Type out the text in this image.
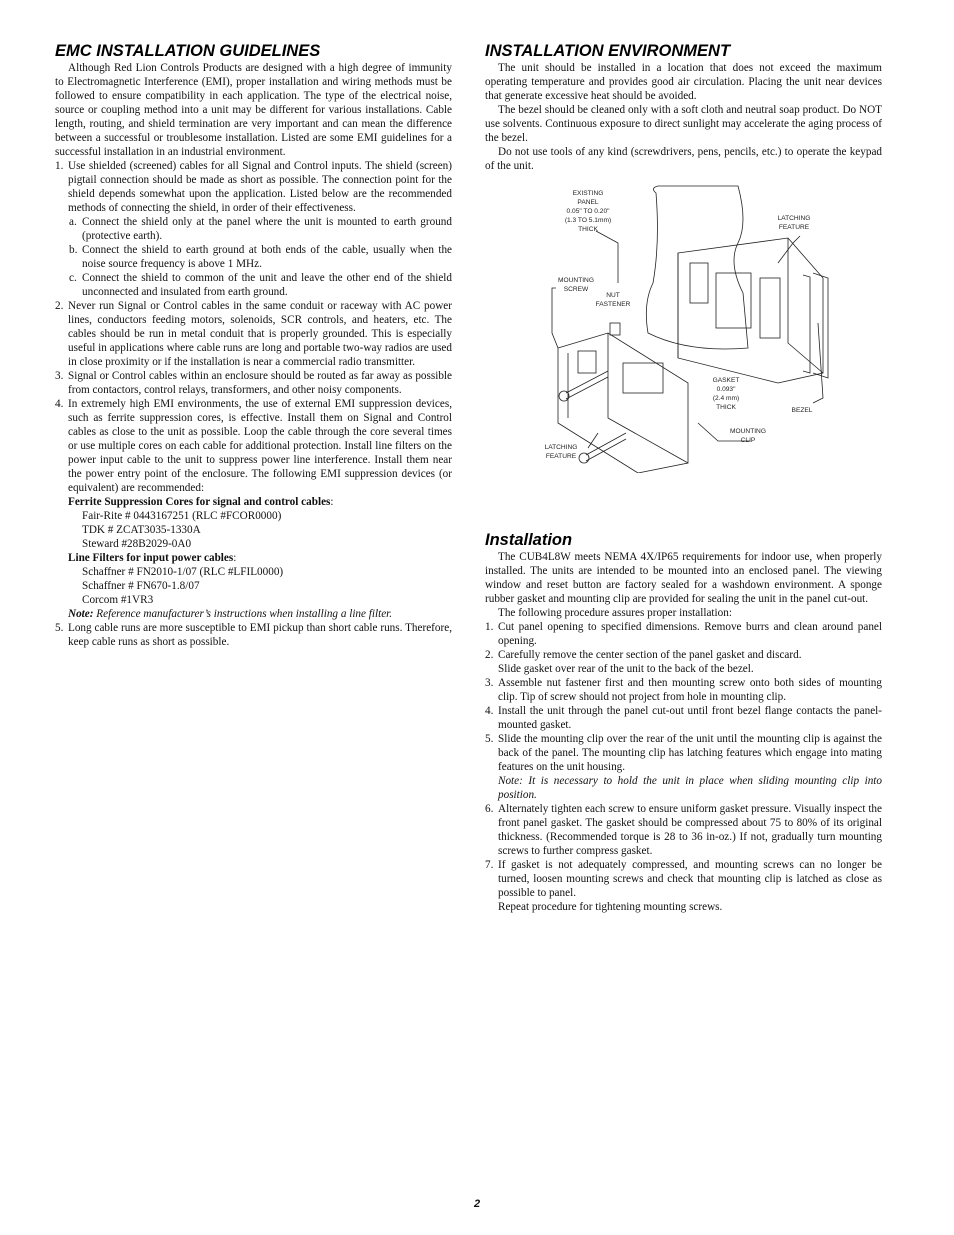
EMC INSTALLATION GUIDELINES

Although Red Lion Controls Products are designed with a high degree of immunity to Electromagnetic Interference (EMI), proper installation and wiring methods must be followed to ensure compatibility in each application. The type of the electrical noise, source or coupling method into a unit may be different for various installations. Cable length, routing, and shield termination are very important and can mean the difference between a successful or troublesome installation. Listed are some EMI guidelines for a successful installation in an industrial environment.

1. Use shielded (screened) cables for all Signal and Control inputs. The shield (screen) pigtail connection should be made as short as possible. The connection point for the shield depends somewhat upon the application. Listed below are the recommended methods of connecting the shield, in order of their effectiveness.
a. Connect the shield only at the panel where the unit is mounted to earth ground (protective earth).
b. Connect the shield to earth ground at both ends of the cable, usually when the noise source frequency is above 1 MHz.
c. Connect the shield to common of the unit and leave the other end of the shield unconnected and insulated from earth ground.
2. Never run Signal or Control cables in the same conduit or raceway with AC power lines, conductors feeding motors, solenoids, SCR controls, and heaters, etc. The cables should be run in metal conduit that is properly grounded. This is especially useful in applications where cable runs are long and portable two-way radios are used in close proximity or if the installation is near a commercial radio transmitter.
3. Signal or Control cables within an enclosure should be routed as far away as possible from contactors, control relays, transformers, and other noisy components.
4. In extremely high EMI environments, the use of external EMI suppression devices, such as ferrite suppression cores, is effective. Install them on Signal and Control cables as close to the unit as possible. Loop the cable through the core several times or use multiple cores on each cable for additional protection. Install line filters on the power input cable to the unit to suppress power line interference. Install them near the power entry point of the enclosure. The following EMI suppression devices (or equivalent) are recommended:

Ferrite Suppression Cores for signal and control cables:

Fair-Rite # 0443167251 (RLC #FCOR0000)

TDK # ZCAT3035-1330A

Steward #28B2029-0A0

Line Filters for input power cables:

Schaffner # FN2010-1/07 (RLC #LFIL0000)

Schaffner # FN670-1.8/07

Corcom #1VR3

Note: Reference manufacturer’s instructions when installing a line filter.

5. Long cable runs are more susceptible to EMI pickup than short cable runs. Therefore, keep cable runs as short as possible.
INSTALLATION ENVIRONMENT

The unit should be installed in a location that does not exceed the maximum operating temperature and provides good air circulation. Placing the unit near devices that generate excessive heat should be avoided.

The bezel should be cleaned only with a soft cloth and neutral soap product. Do NOT use solvents. Continuous exposure to direct sunlight may accelerate the aging process of the bezel.

Do not use tools of any kind (screwdrivers, pens, pencils, etc.) to operate the keypad of the unit.

Installation

The CUB4L8W meets NEMA 4X/IP65 requirements for indoor use, when properly installed. The units are intended to be mounted into an enclosed panel. The viewing window and reset button are factory sealed for a washdown environment. A sponge rubber gasket and mounting clip are provided for sealing the unit in the panel cut-out.

The following procedure assures proper installation:

1. Cut panel opening to specified dimensions. Remove burrs and clean around panel opening.
2. Carefully remove the center section of the panel gasket and discard.
Slide gasket over rear of the unit to the back of the bezel.
3. Assemble nut fastener first and then mounting screw onto both sides of mounting clip. Tip of screw should not project from hole in mounting clip.
4. Install the unit through the panel cut-out until front bezel flange contacts the panel-mounted gasket.
5. Slide the mounting clip over the rear of the unit until the mounting clip is against the back of the panel. The mounting clip has latching features which engage into mating features on the unit housing.

Note: It is necessary to hold the unit in place when sliding mounting clip into position.

6. Alternately tighten each screw to ensure uniform gasket pressure. Visually inspect the front panel gasket. The gasket should be compressed about 75 to 80% of its original thickness. (Recommended torque is 28 to 36 in-oz.) If not, gradually turn mounting screws to further compress gasket.
7. If gasket is not adequately compressed, and mounting screws can no longer be turned, loosen mounting screws and check that mounting clip is latched as close as possible to panel.
Repeat procedure for tightening mounting screws.
EXISTING PANEL 0.05" TO 0.20" (1.3 TO 5.1mm) THICK
LATCHING FEATURE
MOUNTING SCREW
NUT FASTENER
GASKET 0.093" (2.4 mm) THICK	BEZEL
MOUNTING CLIP
LATCHING FEATURE
2
